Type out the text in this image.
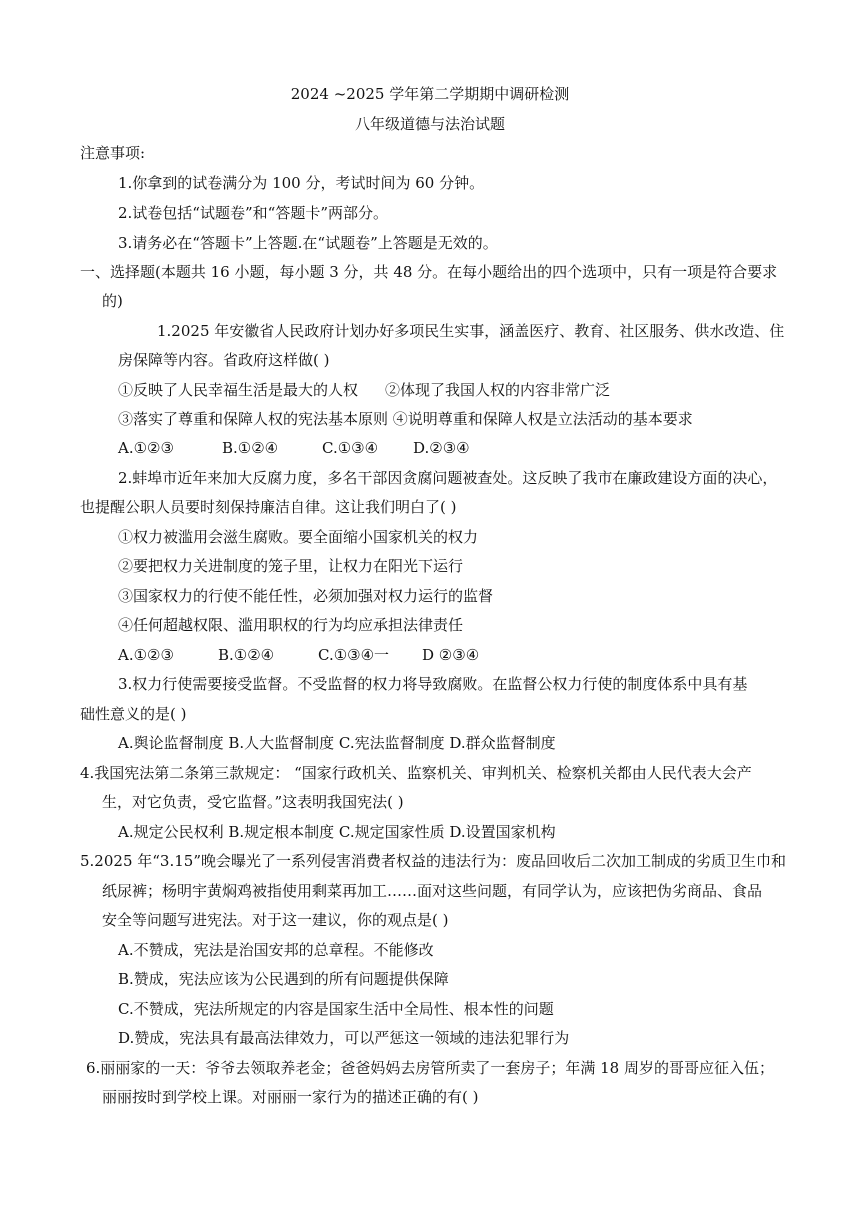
2024 ~2025 学年第二学期期中调研检测
八年级道德与法治试题
注意事项:
1.你拿到的试卷满分为 100 分，考试时间为 60 分钟。
2.试卷包括“试题卷”和“答题卡”两部分。
3.请务必在“答题卡”上答题.在“试题卷”上答题是无效的。
一、选择题(本题共 16 小题，每小题 3 分，共 48 分。在每小题给出的四个选项中，只有一项是符合要求
的)
1.2025 年安徽省人民政府计划办好多项民生实事，涵盖医疗、教育、社区服务、供水改造、住
房保障等内容。省政府这样做( )
①反映了人民幸福生活是最大的人权 ②体现了我国人权的内容非常广泛
③落实了尊重和保障人权的宪法基本原则 ④说明尊重和保障人权是立法活动的基本要求
A.①②③	B.①②④	C.①③④ D.②③④
2.蚌埠市近年来加大反腐力度，多名干部因贪腐问题被查处。这反映了我市在廉政建设方面的决心，
也提醒公职人员要时刻保持廉洁自律。这让我们明白了( )
①权力被滥用会滋生腐败。要全面缩小国家机关的权力
②要把权力关进制度的笼子里，让权力在阳光下运行
③国家权力的行使不能任性，必须加强对权力运行的监督
④任何超越权限、滥用职权的行为均应承担法律责任
A.①②③	B.①②④	C.①③④一 D ②③④
3.权力行使需要接受监督。不受监督的权力将导致腐败。在监督公权力行使的制度体系中具有基
础性意义的是( )
A.舆论监督制度 B.人大监督制度 C.宪法监督制度 D.群众监督制度
4.我国宪法第二条第三款规定： “国家行政机关、监察机关、审判机关、检察机关都由人民代表大会产
生，对它负责，受它监督。”这表明我国宪法( )
A.规定公民权利 B.规定根本制度 C.规定国家性质 D.设置国家机构
5.2025 年“3.15”晚会曝光了一系列侵害消费者权益的违法行为：废品回收后二次加工制成的劣质卫生巾和
纸尿裤；杨明宇黄焖鸡被指使用剩菜再加工……面对这些问题，有同学认为，应该把伪劣商品、食品
安全等问题写进宪法。对于这一建议，你的观点是( )
A.不赞成，宪法是治国安邦的总章程。不能修改
B.赞成，宪法应该为公民遇到的所有问题提供保障
C.不赞成，宪法所规定的内容是国家生活中全局性、根本性的问题
D.赞成，宪法具有最高法律效力，可以严惩这一领域的违法犯罪行为
6.丽丽家的一天：爷爷去领取养老金；爸爸妈妈去房管所卖了一套房子；年满 18 周岁的哥哥应征入伍；
丽丽按时到学校上课。对丽丽一家行为的描述正确的有( )
